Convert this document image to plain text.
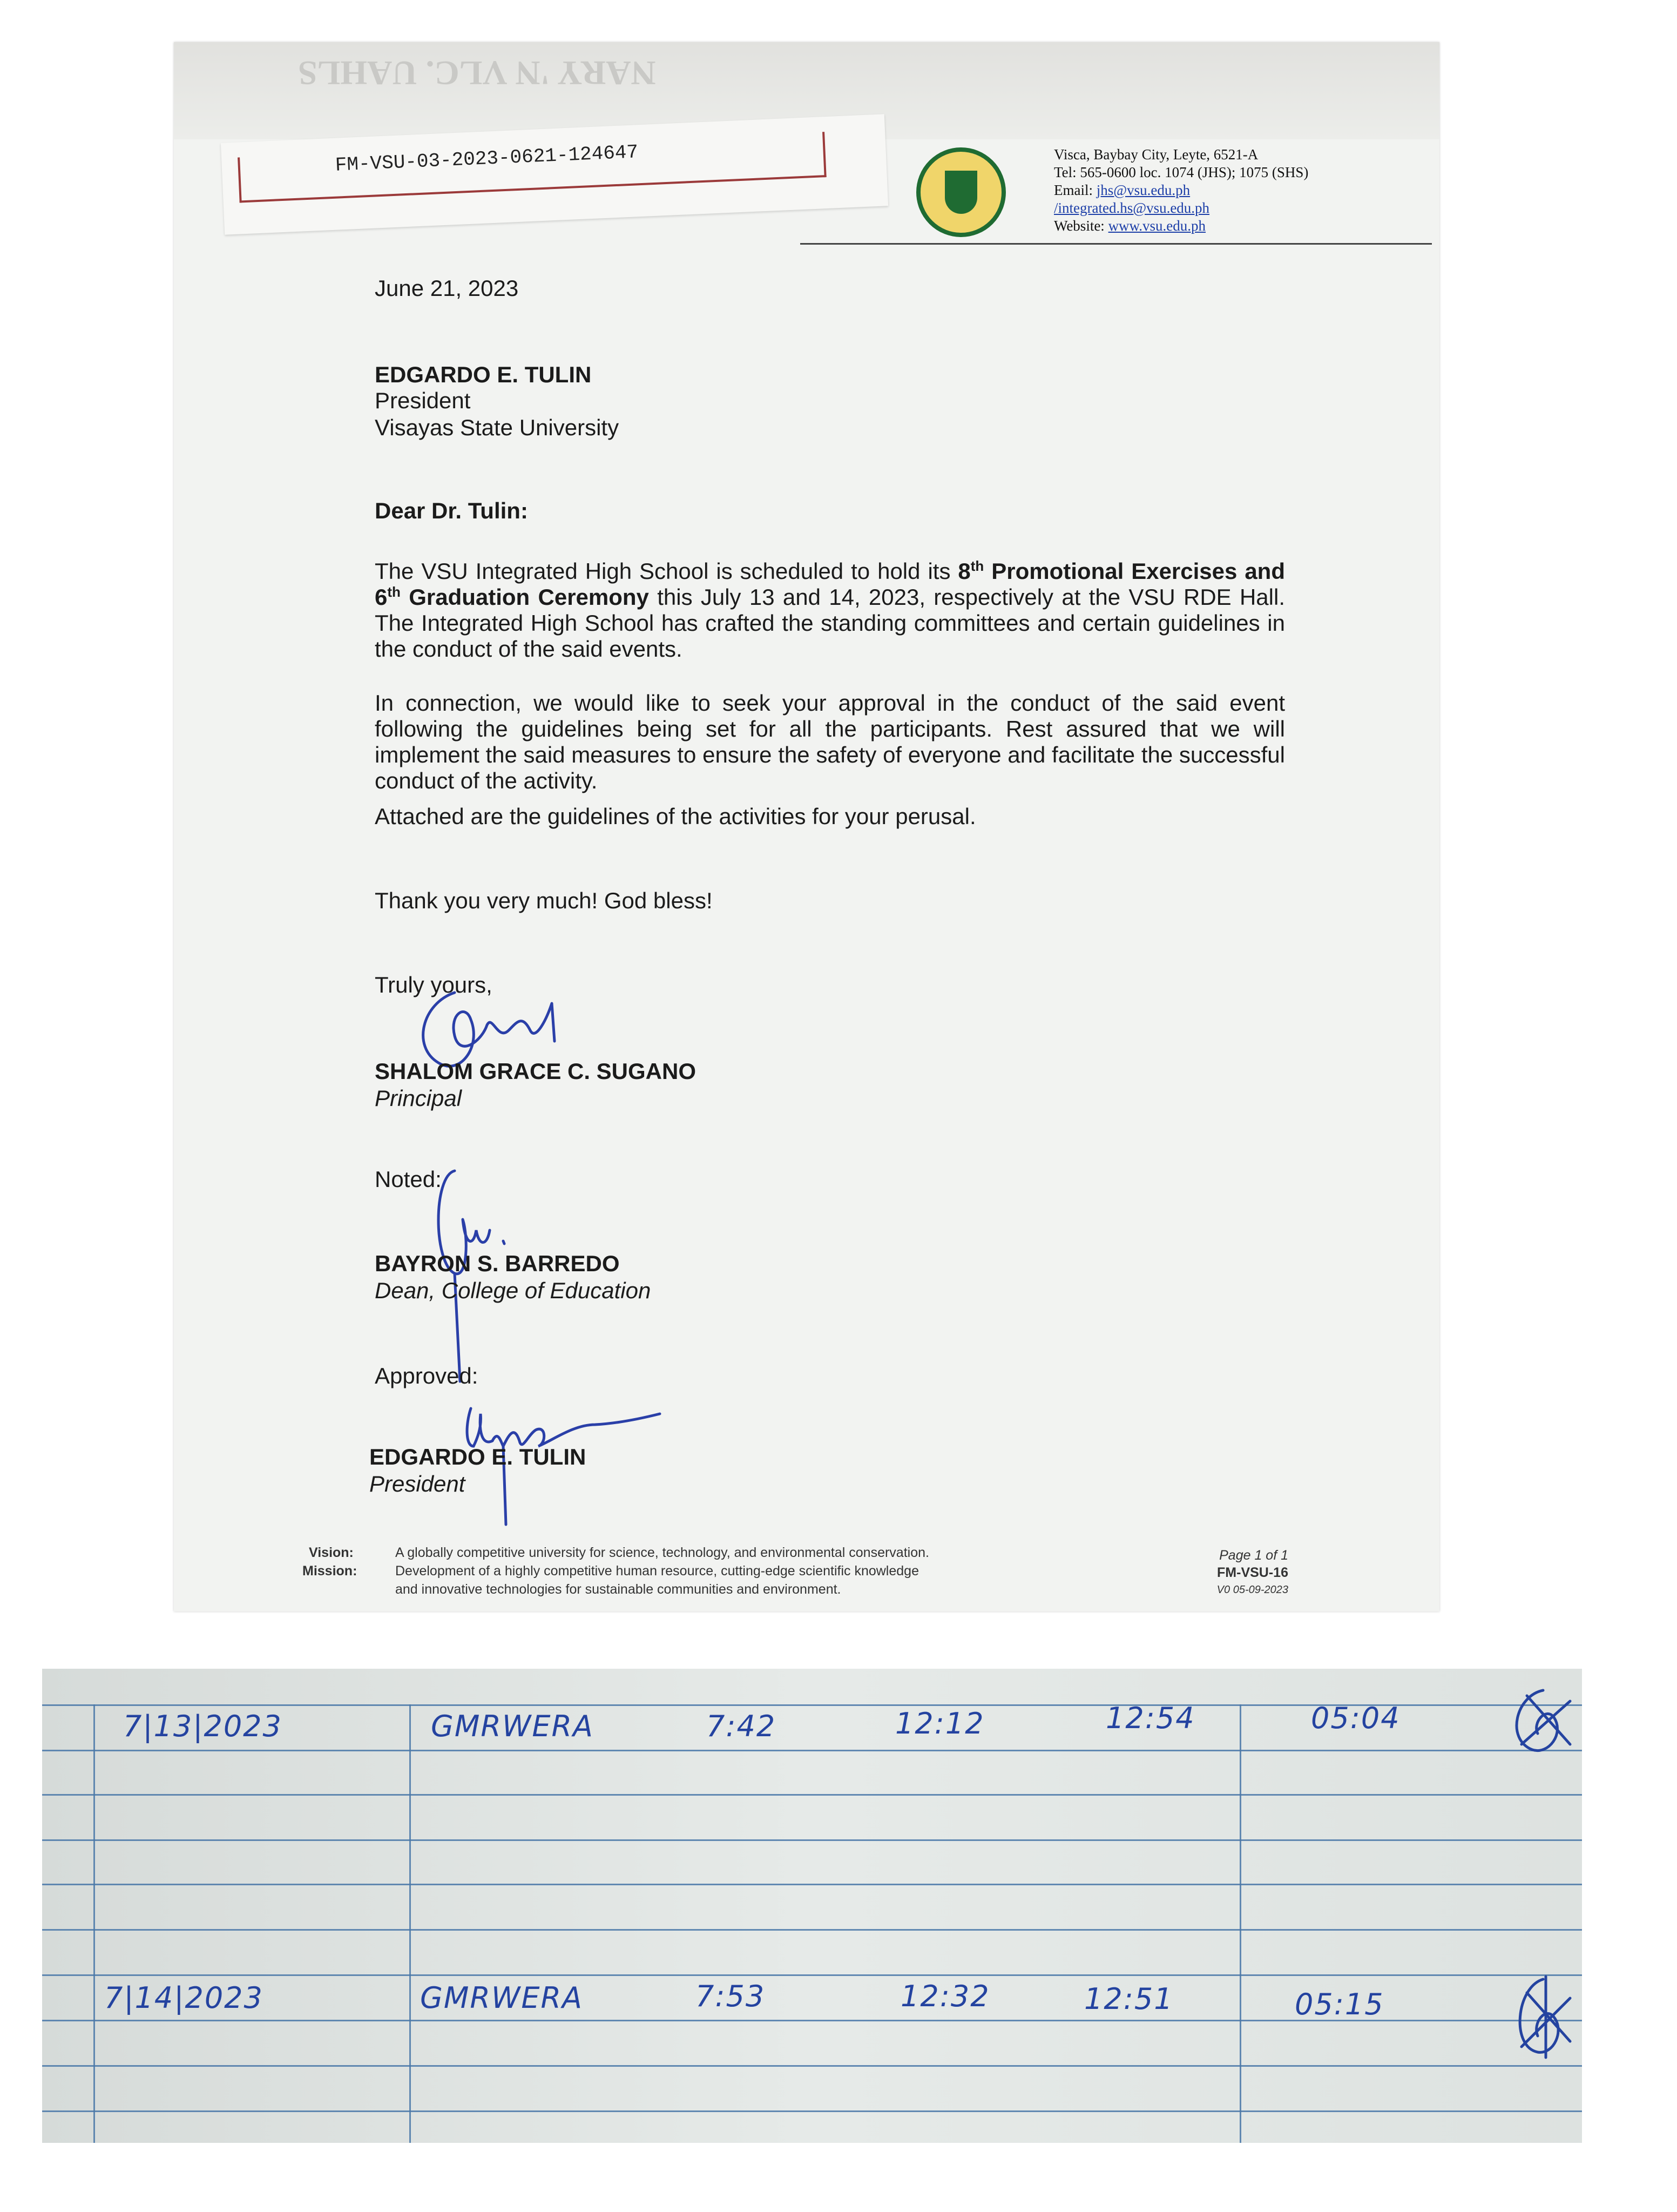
NARY 'N VLC. UAHLS
FM-VSU-03-2023-0621-124647	Visca, Baybay City, Leyte, 6521-A
Tel: 565-0600 loc. 1074 (JHS); 1075 (SHS)
Email: jhs@vsu.edu.ph
/integrated.hs@vsu.edu.ph
Website: www.vsu.edu.ph
June 21, 2023
EDGARDO E. TULIN
President
Visayas State University
Dear Dr. Tulin:
The VSU Integrated High School is scheduled to hold its 8th Promotional Exercises and 6th Graduation Ceremony this July 13 and 14, 2023, respectively at the VSU RDE Hall. The Integrated High School has crafted the standing committees and certain guidelines in the conduct of the said events.
In connection, we would like to seek your approval in the conduct of the said event following the guidelines being set for all the participants. Rest assured that we will implement the said measures to ensure the safety of everyone and facilitate the successful conduct of the activity.
Attached are the guidelines of the activities for your perusal.
Thank you very much! God bless!
Truly yours,
SHALOM GRACE C. SUGANO
Principal
Noted:
BAYRON S. BARREDO
Dean, College of Education
Approved:
EDGARDO E. TULIN
President
Vision:	A globally competitive university for science, technology, and environmental conservation.
Mission:	Development of a highly competitive human resource, cutting-edge scientific knowledge
and innovative technologies for sustainable communities and environment.
Page 1 of 1
FM-VSU-16
V0 05-09-2023
7|13|2023	GMRWERA	7:42	12:12	12:54	05:04
7|14|2023	GMRWERA	7:53	12:32	12:51	05:15
